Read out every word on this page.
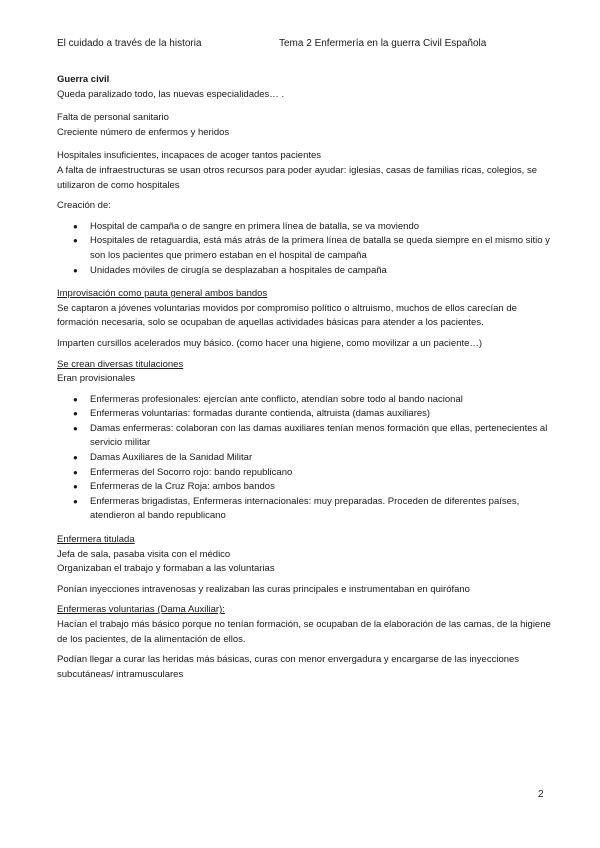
El cuidado a través de la historia	Tema 2 Enfermería en la guerra Civil Española

Guerra civil

Queda paralizado todo, las nuevas especialidades… .

Falta de personal sanitario

Creciente número de enfermos y heridos

Hospitales insuficientes, incapaces de acoger tantos pacientes

A falta de infraestructuras se usan otros recursos para poder ayudar: iglesias, casas de familias ricas, colegios, se utilizaron de como hospitales

Creación de:

● Hospital de campaña o de sangre en primera línea de batalla, se va moviendo
● Hospitales de retaguardia, está más atrás de la primera línea de batalla se queda siempre en el mismo sitio y son los pacientes que primero estaban en el hospital de campaña
● Unidades móviles de cirugía se desplazaban a hospitales de campaña

Improvisación como pauta general ambos bandos

Se captaron a jóvenes voluntarias movidos por compromiso político o altruismo, muchos de ellos carecían de formación necesaria, solo se ocupaban de aquellas actividades básicas para atender a los pacientes.

Imparten cursillos acelerados muy básico. (como hacer una higiene, como movilizar a un paciente…)

Se crean diversas titulaciones

Eran provisionales

● Enfermeras profesionales: ejercían ante conflicto, atendían sobre todo al bando nacional
● Enfermeras voluntarias: formadas durante contienda, altruista (damas auxiliares)
● Damas enfermeras: colaboran con las damas auxiliares tenían menos formación que ellas, pertenecientes al servicio militar
● Damas Auxiliares de la Sanidad Militar
● Enfermeras del Socorro rojo: bando republicano
● Enfermeras de la Cruz Roja: ambos bandos
● Enfermeras brigadistas, Enfermeras internacionales: muy preparadas. Proceden de diferentes países, atendieron al bando republicano

Enfermera titulada

Jefa de sala, pasaba visita con el médico

Organizaban el trabajo y formaban a las voluntarias

Ponían inyecciones intravenosas y realizaban las curas principales e instrumentaban en quirófano

Enfermeras voluntarias (Dama Auxiliar):

Hacían el trabajo más básico porque no tenían formación, se ocupaban de la elaboración de las camas, de la higiene de los pacientes, de la alimentación de ellos.

Podían llegar a curar las heridas más básicas, curas con menor envergadura y encargarse de las inyecciones subcutáneas/ intramusculares

2
